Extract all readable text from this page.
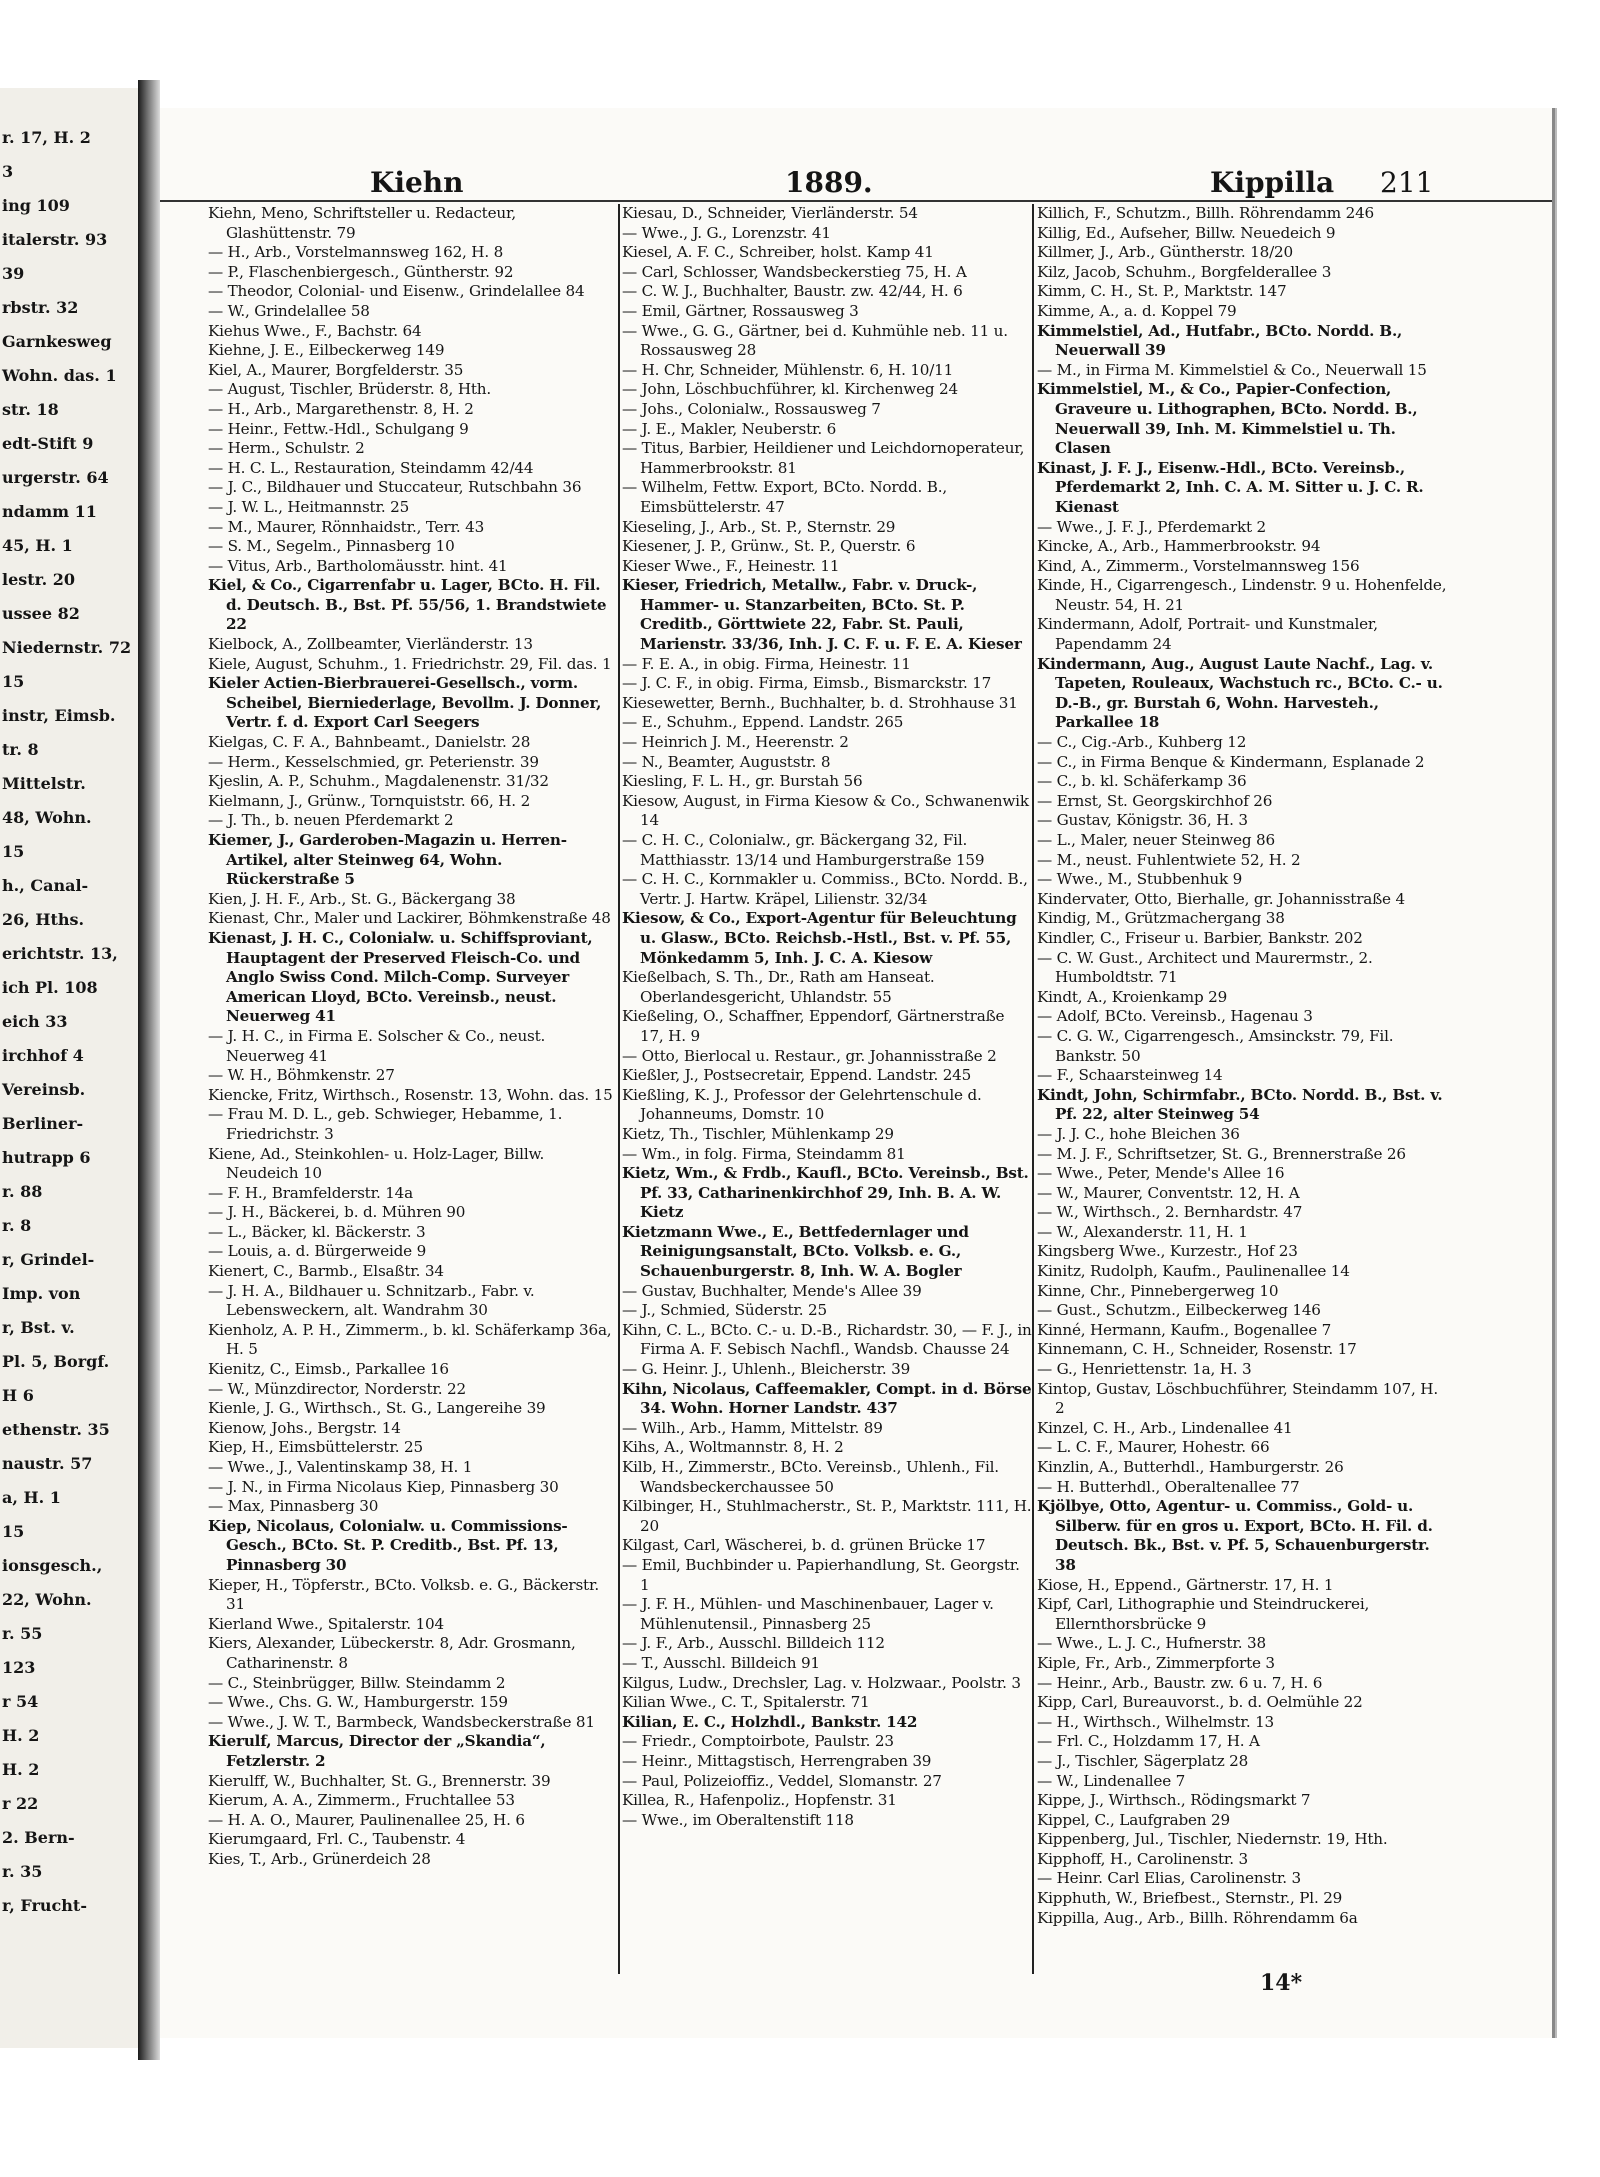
r. 17, H. 2
3
ing 109
italerstr. 93
39
rbstr. 32
Garnkesweg
Wohn. das. 1
str. 18
edt-Stift 9
urgerstr. 64
ndamm 11
45, H. 1
lestr. 20
ussee 82
Niedernstr. 72
15
instr, Eimsb.
tr. 8
Mittelstr.
48, Wohn.
15
h., Canal-
26, Hths.
erichtstr. 13,
ich Pl. 108
eich 33
irchhof 4
Vereinsb.
Berliner-
hutrapp 6
r. 88
r. 8
r, Grindel-
Imp. von
r, Bst. v.
Pl. 5, Borgf.
H 6
ethenstr. 35
naustr. 57
a, H. 1
15
ionsgesch.,
22, Wohn.
r. 55
123
r 54
H. 2
H. 2
r 22
2. Bern-
r. 35
r, Frucht-
Kiehn	1889.	Kippilla 211
Kiehn, Meno, Schriftsteller u. Redacteur, Glashüttenstr. 79
— H., Arb., Vorstelmannsweg 162, H. 8
— P., Flaschenbiergesch., Güntherstr. 92
— Theodor, Colonial- und Eisenw., Grindelallee 84
— W., Grindelallee 58
Kiehus Wwe., F., Bachstr. 64
Kiehne, J. E., Eilbeckerweg 149
Kiel, A., Maurer, Borgfelderstr. 35
— August, Tischler, Brüderstr. 8, Hth.
— H., Arb., Margarethenstr. 8, H. 2
— Heinr., Fettw.-Hdl., Schulgang 9
— Herm., Schulstr. 2
— H. C. L., Restauration, Steindamm 42/44
— J. C., Bildhauer und Stuccateur, Rutschbahn 36
— J. W. L., Heitmannstr. 25
— M., Maurer, Rönnhaidstr., Terr. 43
— S. M., Segelm., Pinnasberg 10
— Vitus, Arb., Bartholomäusstr. hint. 41
Kiel, & Co., Cigarrenfabr u. Lager, BCto. H. Fil. d. Deutsch. B., Bst. Pf. 55/56, 1. Brandstwiete 22
Kielbock, A., Zollbeamter, Vierländerstr. 13
Kiele, August, Schuhm., 1. Friedrichstr. 29, Fil. das. 1
Kieler Actien-Bierbrauerei-Gesellsch., vorm. Scheibel, Bierniederlage, Bevollm. J. Donner, Vertr. f. d. Export Carl Seegers
Kielgas, C. F. A., Bahnbeamt., Danielstr. 28
— Herm., Kesselschmied, gr. Peterienstr. 39
Kjeslin, A. P., Schuhm., Magdalenenstr. 31/32
Kielmann, J., Grünw., Tornquiststr. 66, H. 2
— J. Th., b. neuen Pferdemarkt 2
Kiemer, J., Garderoben-Magazin u. Herren-Artikel, alter Steinweg 64, Wohn. Rückerstraße 5
Kien, J. H. F., Arb., St. G., Bäckergang 38
Kienast, Chr., Maler und Lackirer, Böhmkenstraße 48
Kienast, J. H. C., Colonialw. u. Schiffsproviant, Hauptagent der Preserved Fleisch-Co. und Anglo Swiss Cond. Milch-Comp. Surveyer American Lloyd, BCto. Vereinsb., neust. Neuerweg 41
— J. H. C., in Firma E. Solscher & Co., neust. Neuerweg 41
— W. H., Böhmkenstr. 27
Kiencke, Fritz, Wirthsch., Rosenstr. 13, Wohn. das. 15
— Frau M. D. L., geb. Schwieger, Hebamme, 1. Friedrichstr. 3
Kiene, Ad., Steinkohlen- u. Holz-Lager, Billw. Neudeich 10
— F. H., Bramfelderstr. 14a
— J. H., Bäckerei, b. d. Mühren 90
— L., Bäcker, kl. Bäckerstr. 3
— Louis, a. d. Bürgerweide 9
Kienert, C., Barmb., Elsaßtr. 34
— J. H. A., Bildhauer u. Schnitzarb., Fabr. v. Lebensweckern, alt. Wandrahm 30
Kienholz, A. P. H., Zimmerm., b. kl. Schäferkamp 36a, H. 5
Kienitz, C., Eimsb., Parkallee 16
— W., Münzdirector, Norderstr. 22
Kienle, J. G., Wirthsch., St. G., Langereihe 39
Kienow, Johs., Bergstr. 14
Kiep, H., Eimsbüttelerstr. 25
— Wwe., J., Valentinskamp 38, H. 1
— J. N., in Firma Nicolaus Kiep, Pinnasberg 30
— Max, Pinnasberg 30
Kiep, Nicolaus, Colonialw. u. Commissions-Gesch., BCto. St. P. Creditb., Bst. Pf. 13, Pinnasberg 30
Kieper, H., Töpferstr., BCto. Volksb. e. G., Bäckerstr. 31
Kierland Wwe., Spitalerstr. 104
Kiers, Alexander, Lübeckerstr. 8, Adr. Grosmann, Catharinenstr. 8
— C., Steinbrügger, Billw. Steindamm 2
— Wwe., Chs. G. W., Hamburgerstr. 159
— Wwe., J. W. T., Barmbeck, Wandsbeckerstraße 81
Kierulf, Marcus, Director der „Skandia“, Fetzlerstr. 2
Kierulff, W., Buchhalter, St. G., Brennerstr. 39
Kierum, A. A., Zimmerm., Fruchtallee 53
— H. A. O., Maurer, Paulinenallee 25, H. 6
Kierumgaard, Frl. C., Taubenstr. 4
Kies, T., Arb., Grünerdeich 28
Kiesau, D., Schneider, Vierländerstr. 54
— Wwe., J. G., Lorenzstr. 41
Kiesel, A. F. C., Schreiber, holst. Kamp 41
— Carl, Schlosser, Wandsbeckerstieg 75, H. A
— C. W. J., Buchhalter, Baustr. zw. 42/44, H. 6
— Emil, Gärtner, Rossausweg 3
— Wwe., G. G., Gärtner, bei d. Kuhmühle neb. 11 u. Rossausweg 28
— H. Chr, Schneider, Mühlenstr. 6, H. 10/11
— John, Löschbuchführer, kl. Kirchenweg 24
— Johs., Colonialw., Rossausweg 7
— J. E., Makler, Neuberstr. 6
— Titus, Barbier, Heildiener und Leichdornoperateur, Hammerbrookstr. 81
— Wilhelm, Fettw. Export, BCto. Nordd. B., Eimsbüttelerstr. 47
Kieseling, J., Arb., St. P., Sternstr. 29
Kiesener, J. P., Grünw., St. P., Querstr. 6
Kieser Wwe., F., Heinestr. 11
Kieser, Friedrich, Metallw., Fabr. v. Druck-, Hammer- u. Stanzarbeiten, BCto. St. P. Creditb., Görttwiete 22, Fabr. St. Pauli, Marienstr. 33/36, Inh. J. C. F. u. F. E. A. Kieser
— F. E. A., in obig. Firma, Heinestr. 11
— J. C. F., in obig. Firma, Eimsb., Bismarckstr. 17
Kiesewetter, Bernh., Buchhalter, b. d. Strohhause 31
— E., Schuhm., Eppend. Landstr. 265
— Heinrich J. M., Heerenstr. 2
— N., Beamter, Auguststr. 8
Kiesling, F. L. H., gr. Burstah 56
Kiesow, August, in Firma Kiesow & Co., Schwanenwik 14
— C. H. C., Colonialw., gr. Bäckergang 32, Fil. Matthiasstr. 13/14 und Hamburgerstraße 159
— C. H. C., Kornmakler u. Commiss., BCto. Nordd. B., Vertr. J. Hartw. Kräpel, Lilienstr. 32/34
Kiesow, & Co., Export-Agentur für Beleuchtung u. Glasw., BCto. Reichsb.-Hstl., Bst. v. Pf. 55, Mönkedamm 5, Inh. J. C. A. Kiesow
Kießelbach, S. Th., Dr., Rath am Hanseat. Oberlandesgericht, Uhlandstr. 55
Kießeling, O., Schaffner, Eppendorf, Gärtnerstraße 17, H. 9
— Otto, Bierlocal u. Restaur., gr. Johannisstraße 2
Kießler, J., Postsecretair, Eppend. Landstr. 245
Kießling, K. J., Professor der Gelehrtenschule d. Johanneums, Domstr. 10
Kietz, Th., Tischler, Mühlenkamp 29
— Wm., in folg. Firma, Steindamm 81
Kietz, Wm., & Frdb., Kaufl., BCto. Vereinsb., Bst. Pf. 33, Catharinenkirchhof 29, Inh. B. A. W. Kietz
Kietzmann Wwe., E., Bettfedernlager und Reinigungsanstalt, BCto. Volksb. e. G., Schauenburgerstr. 8, Inh. W. A. Bogler
— Gustav, Buchhalter, Mende's Allee 39
— J., Schmied, Süderstr. 25
Kihn, C. L., BCto. C.- u. D.-B., Richardstr. 30, — F. J., in Firma A. F. Sebisch Nachfl., Wandsb. Chausse 24
— G. Heinr. J., Uhlenh., Bleicherstr. 39
Kihn, Nicolaus, Caffeemakler, Compt. in d. Börse 34. Wohn. Horner Landstr. 437
— Wilh., Arb., Hamm, Mittelstr. 89
Kihs, A., Woltmannstr. 8, H. 2
Kilb, H., Zimmerstr., BCto. Vereinsb., Uhlenh., Fil. Wandsbeckerchaussee 50
Kilbinger, H., Stuhlmacherstr., St. P., Marktstr. 111, H. 20
Kilgast, Carl, Wäscherei, b. d. grünen Brücke 17
— Emil, Buchbinder u. Papierhandlung, St. Georgstr. 1
— J. F. H., Mühlen- und Maschinenbauer, Lager v. Mühlenutensil., Pinnasberg 25
— J. F., Arb., Ausschl. Billdeich 112
— T., Ausschl. Billdeich 91
Kilgus, Ludw., Drechsler, Lag. v. Holzwaar., Poolstr. 3
Kilian Wwe., C. T., Spitalerstr. 71
Kilian, E. C., Holzhdl., Bankstr. 142
— Friedr., Comptoirbote, Paulstr. 23
— Heinr., Mittagstisch, Herrengraben 39
— Paul, Polizeioffiz., Veddel, Slomanstr. 27
Killea, R., Hafenpoliz., Hopfenstr. 31
— Wwe., im Oberaltenstift 118
Killich, F., Schutzm., Billh. Röhrendamm 246
Killig, Ed., Aufseher, Billw. Neuedeich 9
Killmer, J., Arb., Güntherstr. 18/20
Kilz, Jacob, Schuhm., Borgfelderallee 3
Kimm, C. H., St. P., Marktstr. 147
Kimme, A., a. d. Koppel 79
Kimmelstiel, Ad., Hutfabr., BCto. Nordd. B., Neuerwall 39
— M., in Firma M. Kimmelstiel & Co., Neuerwall 15
Kimmelstiel, M., & Co., Papier-Confection, Graveure u. Lithographen, BCto. Nordd. B., Neuerwall 39, Inh. M. Kimmelstiel u. Th. Clasen
Kinast, J. F. J., Eisenw.-Hdl., BCto. Vereinsb., Pferdemarkt 2, Inh. C. A. M. Sitter u. J. C. R. Kienast
— Wwe., J. F. J., Pferdemarkt 2
Kincke, A., Arb., Hammerbrookstr. 94
Kind, A., Zimmerm., Vorstelmannsweg 156
Kinde, H., Cigarrengesch., Lindenstr. 9 u. Hohenfelde, Neustr. 54, H. 21
Kindermann, Adolf, Portrait- und Kunstmaler, Papendamm 24
Kindermann, Aug., August Laute Nachf., Lag. v. Tapeten, Rouleaux, Wachstuch rc., BCto. C.- u. D.-B., gr. Burstah 6, Wohn. Harvesteh., Parkallee 18
— C., Cig.-Arb., Kuhberg 12
— C., in Firma Benque & Kindermann, Esplanade 2
— C., b. kl. Schäferkamp 36
— Ernst, St. Georgskirchhof 26
— Gustav, Königstr. 36, H. 3
— L., Maler, neuer Steinweg 86
— M., neust. Fuhlentwiete 52, H. 2
— Wwe., M., Stubbenhuk 9
Kindervater, Otto, Bierhalle, gr. Johannisstraße 4
Kindig, M., Grützmachergang 38
Kindler, C., Friseur u. Barbier, Bankstr. 202
— C. W. Gust., Architect und Maurermstr., 2. Humboldtstr. 71
Kindt, A., Kroienkamp 29
— Adolf, BCto. Vereinsb., Hagenau 3
— C. G. W., Cigarrengesch., Amsinckstr. 79, Fil. Bankstr. 50
— F., Schaarsteinweg 14
Kindt, John, Schirmfabr., BCto. Nordd. B., Bst. v. Pf. 22, alter Steinweg 54
— J. J. C., hohe Bleichen 36
— M. J. F., Schriftsetzer, St. G., Brennerstraße 26
— Wwe., Peter, Mende's Allee 16
— W., Maurer, Conventstr. 12, H. A
— W., Wirthsch., 2. Bernhardstr. 47
— W., Alexanderstr. 11, H. 1
Kingsberg Wwe., Kurzestr., Hof 23
Kinitz, Rudolph, Kaufm., Paulinenallee 14
Kinne, Chr., Pinnebergerweg 10
— Gust., Schutzm., Eilbeckerweg 146
Kinné, Hermann, Kaufm., Bogenallee 7
Kinnemann, C. H., Schneider, Rosenstr. 17
— G., Henriettenstr. 1a, H. 3
Kintop, Gustav, Löschbuchführer, Steindamm 107, H. 2
Kinzel, C. H., Arb., Lindenallee 41
— L. C. F., Maurer, Hohestr. 66
Kinzlin, A., Butterhdl., Hamburgerstr. 26
— H. Butterhdl., Oberaltenallee 77
Kjölbye, Otto, Agentur- u. Commiss., Gold- u. Silberw. für en gros u. Export, BCto. H. Fil. d. Deutsch. Bk., Bst. v. Pf. 5, Schauenburgerstr. 38
Kiose, H., Eppend., Gärtnerstr. 17, H. 1
Kipf, Carl, Lithographie und Steindruckerei, Ellernthorsbrücke 9
— Wwe., L. J. C., Hufnerstr. 38
Kiple, Fr., Arb., Zimmerpforte 3
— Heinr., Arb., Baustr. zw. 6 u. 7, H. 6
Kipp, Carl, Bureauvorst., b. d. Oelmühle 22
— H., Wirthsch., Wilhelmstr. 13
— Frl. C., Holzdamm 17, H. A
— J., Tischler, Sägerplatz 28
— W., Lindenallee 7
Kippe, J., Wirthsch., Rödingsmarkt 7
Kippel, C., Laufgraben 29
Kippenberg, Jul., Tischler, Niedernstr. 19, Hth.
Kipphoff, H., Carolinenstr. 3
— Heinr. Carl Elias, Carolinenstr. 3
Kipphuth, W., Briefbest., Sternstr., Pl. 29
Kippilla, Aug., Arb., Billh. Röhrendamm 6a
14*
